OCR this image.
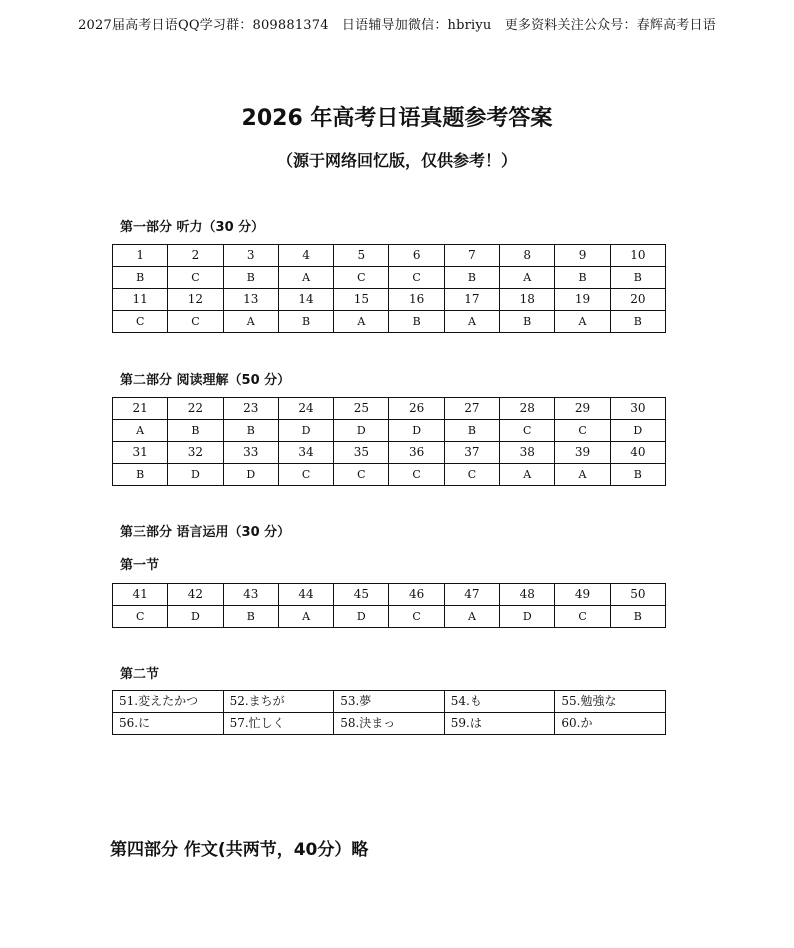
2027届高考日语QQ学习群：809881374　日语辅导加微信：hbriyu　更多资料关注公众号：春辉高考日语
2026 年高考日语真题参考答案
（源于网络回忆版，仅供参考！）
第一部分 听力（30 分）
1	2	3	4	5	6	7	8	9	10
B	C	B	A	C	C	B	A	B	B
11	12	13	14	15	16	17	18	19	20
C	C	A	B	A	B	A	B	A	B
第二部分 阅读理解（50 分）
21	22	23	24	25	26	27	28	29	30
A	B	B	D	D	D	B	C	C	D
31	32	33	34	35	36	37	38	39	40
B	D	D	C	C	C	C	A	A	B
第三部分 语言运用（30 分）
第一节
41	42	43	44	45	46	47	48	49	50
C	D	B	A	D	C	A	D	C	B
第二节
51.変えたかつ	52.まちが	53.夢	54.も	55.勉強な
56.に	57.忙しく	58.決まっ	59.は	60.か
第四部分 作文(共两节，40分）略
